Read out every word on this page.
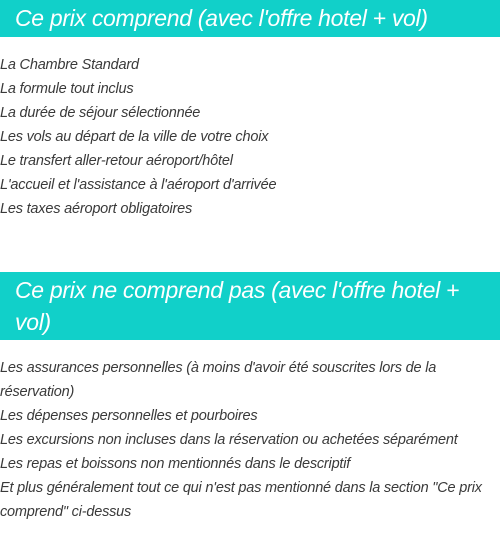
Ce prix comprend (avec l'offre hotel + vol)
La Chambre Standard
La formule tout inclus
La durée de séjour sélectionnée
Les vols au départ de la ville de votre choix
Le transfert aller-retour aéroport/hôtel
L'accueil et l'assistance à l'aéroport d'arrivée
Les taxes aéroport obligatoires
Ce prix ne comprend pas (avec l'offre hotel + vol)
Les assurances personnelles (à moins d'avoir été souscrites lors de la réservation)
Les dépenses personnelles et pourboires
Les excursions non incluses dans la réservation ou achetées séparément
Les repas et boissons non mentionnés dans le descriptif
Et plus généralement tout ce qui n'est pas mentionné dans la section "Ce prix comprend" ci-dessus
